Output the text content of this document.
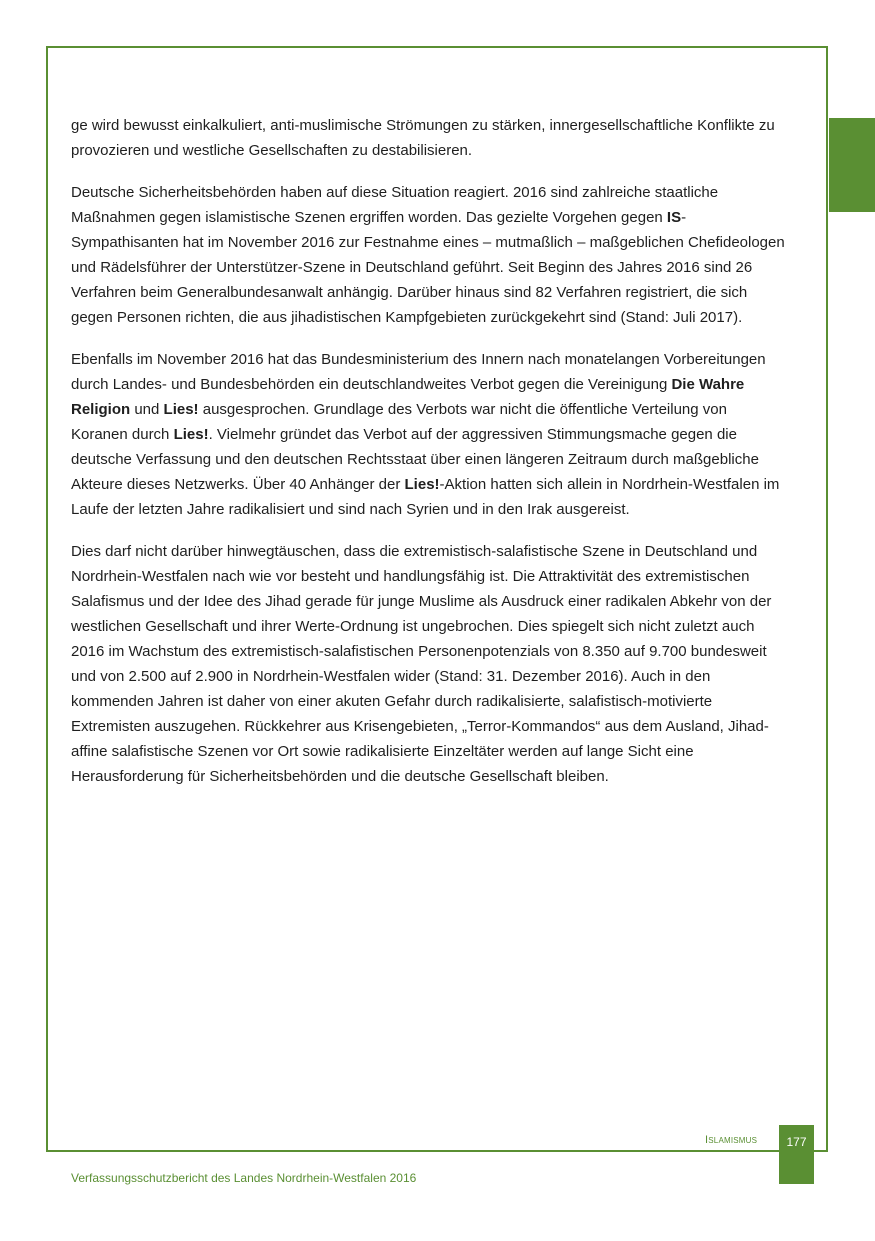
ge wird bewusst einkalkuliert, anti-muslimische Strömungen zu stärken, innergesellschaftliche Konflikte zu provozieren und westliche Gesellschaften zu destabilisieren.

Deutsche Sicherheitsbehörden haben auf diese Situation reagiert. 2016 sind zahlreiche staatliche Maßnahmen gegen islamistische Szenen ergriffen worden. Das gezielte Vorgehen gegen IS-Sympathisanten hat im November 2016 zur Festnahme eines – mutmaßlich – maßgeblichen Chefideologen und Rädelsführer der Unterstützer-Szene in Deutschland geführt. Seit Beginn des Jahres 2016 sind 26 Verfahren beim Generalbundesanwalt anhängig. Darüber hinaus sind 82 Verfahren registriert, die sich gegen Personen richten, die aus jihadistischen Kampfgebieten zurückgekehrt sind (Stand: Juli 2017).

Ebenfalls im November 2016 hat das Bundesministerium des Innern nach monatelangen Vorbereitungen durch Landes- und Bundesbehörden ein deutschlandweites Verbot gegen die Vereinigung Die Wahre Religion und Lies! ausgesprochen. Grundlage des Verbots war nicht die öffentliche Verteilung von Koranen durch Lies!. Vielmehr gründet das Verbot auf der aggressiven Stimmungsmache gegen die deutsche Verfassung und den deutschen Rechtsstaat über einen längeren Zeitraum durch maßgebliche Akteure dieses Netzwerks. Über 40 Anhänger der Lies!-Aktion hatten sich allein in Nordrhein-Westfalen im Laufe der letzten Jahre radikalisiert und sind nach Syrien und in den Irak ausgereist.

Dies darf nicht darüber hinwegtäuschen, dass die extremistisch-salafistische Szene in Deutschland und Nordrhein-Westfalen nach wie vor besteht und handlungsfähig ist. Die Attraktivität des extremistischen Salafismus und der Idee des Jihad gerade für junge Muslime als Ausdruck einer radikalen Abkehr von der westlichen Gesellschaft und ihrer Werte-Ordnung ist ungebrochen. Dies spiegelt sich nicht zuletzt auch 2016 im Wachstum des extremistisch-salafistischen Personenpotenzials von 8.350 auf 9.700 bundesweit und von 2.500 auf 2.900 in Nordrhein-Westfalen wider (Stand: 31. Dezember 2016). Auch in den kommenden Jahren ist daher von einer akuten Gefahr durch radikalisierte, salafistisch-motivierte Extremisten auszugehen. Rückkehrer aus Krisengebieten, „Terror-Kommandos“ aus dem Ausland, Jihad-affine salafistische Szenen vor Ort sowie radikalisierte Einzeltäter werden auf lange Sicht eine Herausforderung für Sicherheitsbehörden und die deutsche Gesellschaft bleiben.

Islamismus	177
Verfassungsschutzbericht des Landes Nordrhein-Westfalen 2016
